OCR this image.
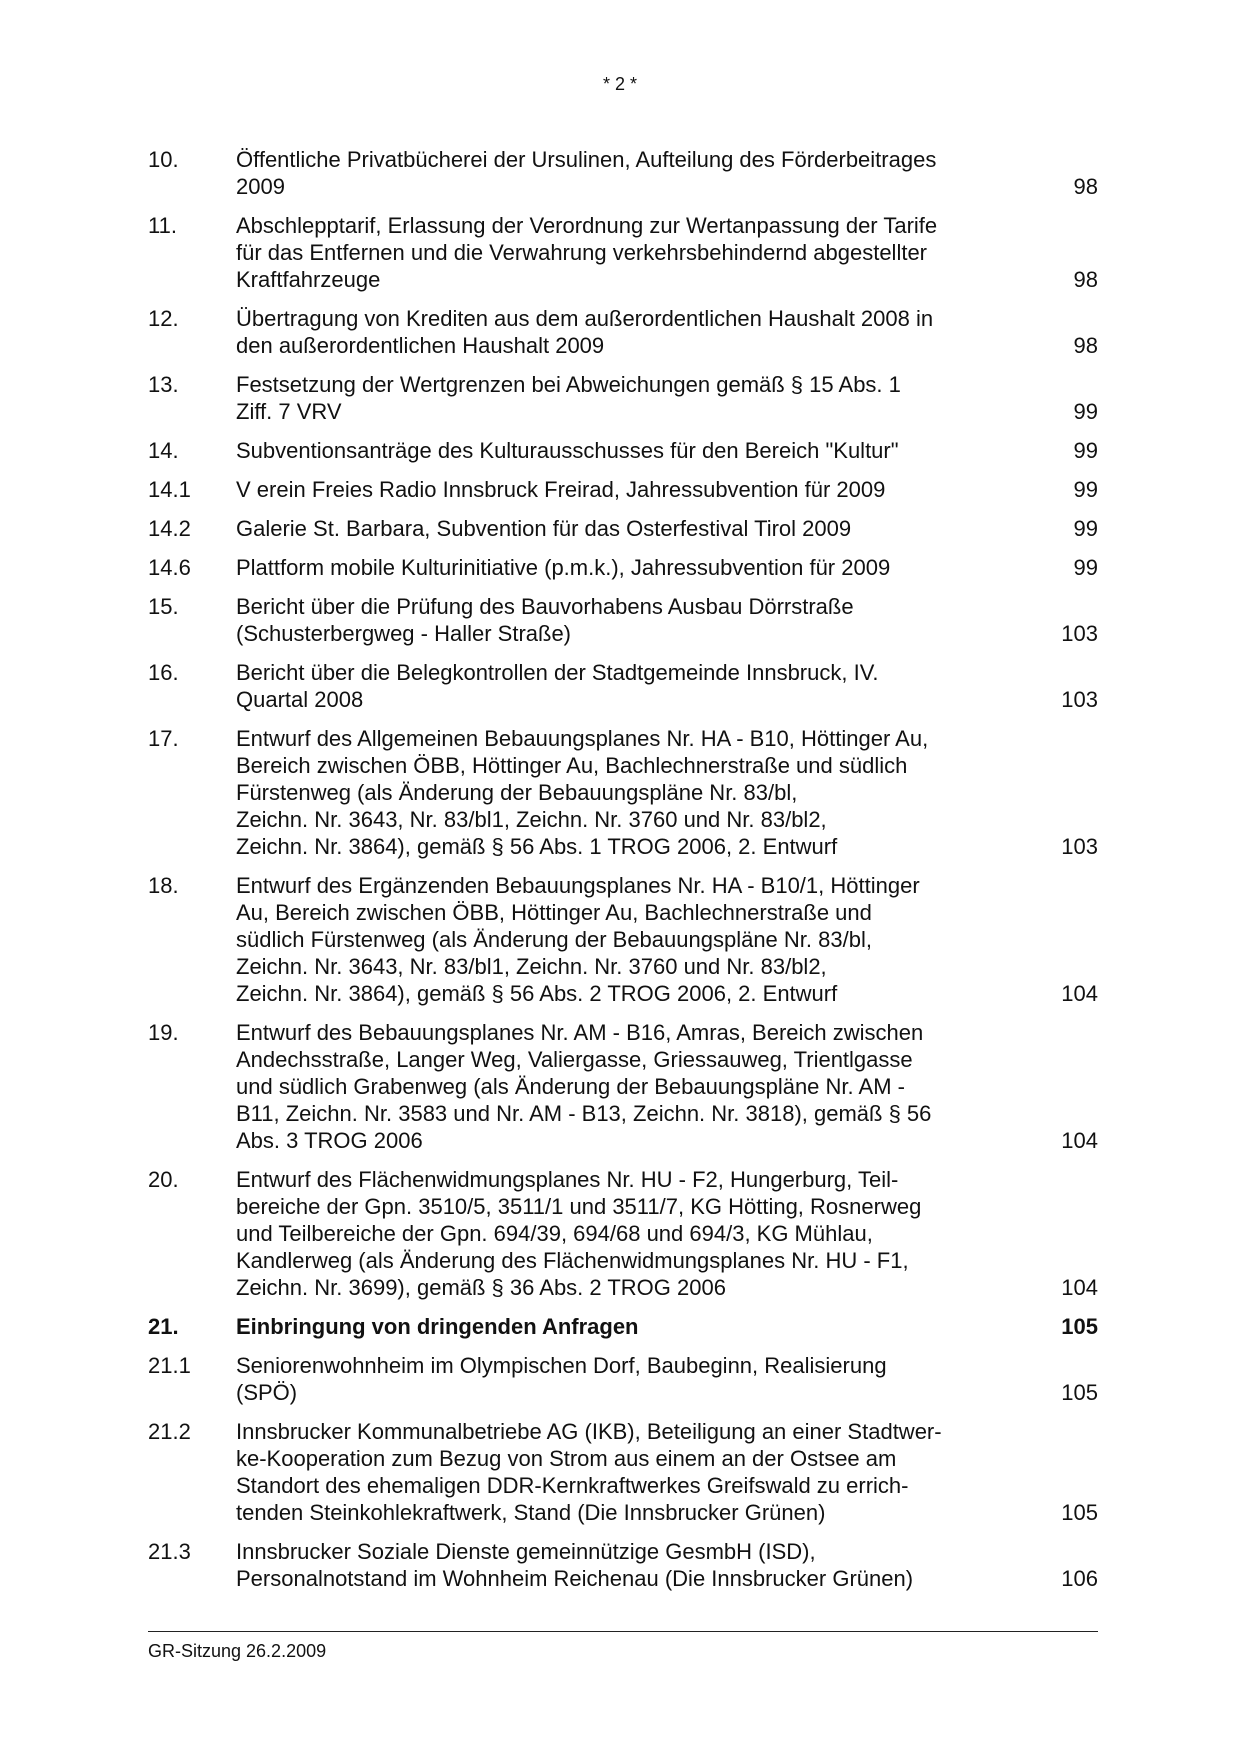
* 2 *
10.	Öffentliche Privatbücherei der Ursulinen, Aufteilung des Förderbeitrages
2009	98
11.	Abschlepptarif, Erlassung der Verordnung zur Wertanpassung der Tarife
für das Entfernen und die Verwahrung verkehrsbehindernd abgestellter
Kraftfahrzeuge	98
12.	Übertragung von Krediten aus dem außerordentlichen Haushalt 2008 in
den außerordentlichen Haushalt 2009	98
13.	Festsetzung der Wertgrenzen bei Abweichungen gemäß § 15 Abs. 1
Ziff. 7 VRV	99
14.	Subventionsanträge des Kulturausschusses für den Bereich "Kultur"	99
14.1	V erein Freies Radio Innsbruck Freirad, Jahressubvention für 2009	99
14.2	Galerie St. Barbara, Subvention für das Osterfestival Tirol 2009	99
14.6	Plattform mobile Kulturinitiative (p.m.k.), Jahressubvention für 2009	99
15.	Bericht über die Prüfung des Bauvorhabens Ausbau Dörrstraße
(Schusterbergweg - Haller Straße)	103
16.	Bericht über die Belegkontrollen der Stadtgemeinde Innsbruck, IV.
Quartal 2008	103
17.	Entwurf des Allgemeinen Bebauungsplanes Nr. HA - B10, Höttinger Au,
Bereich zwischen ÖBB, Höttinger Au, Bachlechnerstraße und südlich
Fürstenweg (als Änderung der Bebauungspläne Nr. 83/bl,
Zeichn. Nr. 3643, Nr. 83/bl1, Zeichn. Nr. 3760 und Nr. 83/bl2,
Zeichn. Nr. 3864), gemäß § 56 Abs. 1 TROG 2006, 2. Entwurf	103
18.	Entwurf des Ergänzenden Bebauungsplanes Nr. HA - B10/1, Höttinger
Au, Bereich zwischen ÖBB, Höttinger Au, Bachlechnerstraße und
südlich Fürstenweg (als Änderung der Bebauungspläne Nr. 83/bl,
Zeichn. Nr. 3643, Nr. 83/bl1, Zeichn. Nr. 3760 und Nr. 83/bl2,
Zeichn. Nr. 3864), gemäß § 56 Abs. 2 TROG 2006, 2. Entwurf	104
19.	Entwurf des Bebauungsplanes Nr. AM - B16, Amras, Bereich zwischen
Andechsstraße, Langer Weg, Valiergasse, Griessauweg, Trientlgasse
und südlich Grabenweg (als Änderung der Bebauungspläne Nr. AM -
B11, Zeichn. Nr. 3583 und Nr. AM - B13, Zeichn. Nr. 3818), gemäß § 56
Abs. 3 TROG 2006	104
20.	Entwurf des Flächenwidmungsplanes Nr. HU - F2, Hungerburg, Teil-
bereiche der Gpn. 3510/5, 3511/1 und 3511/7, KG Hötting, Rosnerweg
und Teilbereiche der Gpn. 694/39, 694/68 und 694/3, KG Mühlau,
Kandlerweg (als Änderung des Flächenwidmungsplanes Nr. HU - F1,
Zeichn. Nr. 3699), gemäß § 36 Abs. 2 TROG 2006	104
21.	Einbringung von dringenden Anfragen	105
21.1	Seniorenwohnheim im Olympischen Dorf, Baubeginn, Realisierung
(SPÖ)	105
21.2	Innsbrucker Kommunalbetriebe AG (IKB), Beteiligung an einer Stadtwer-
ke-Kooperation zum Bezug von Strom aus einem an der Ostsee am
Standort des ehemaligen DDR-Kernkraftwerkes Greifswald zu errich-
tenden Steinkohlekraftwerk, Stand (Die Innsbrucker Grünen)	105
21.3	Innsbrucker Soziale Dienste gemeinnützige GesmbH (ISD),
Personalnotstand im Wohnheim Reichenau (Die Innsbrucker Grünen)	106
GR-Sitzung 26.2.2009
